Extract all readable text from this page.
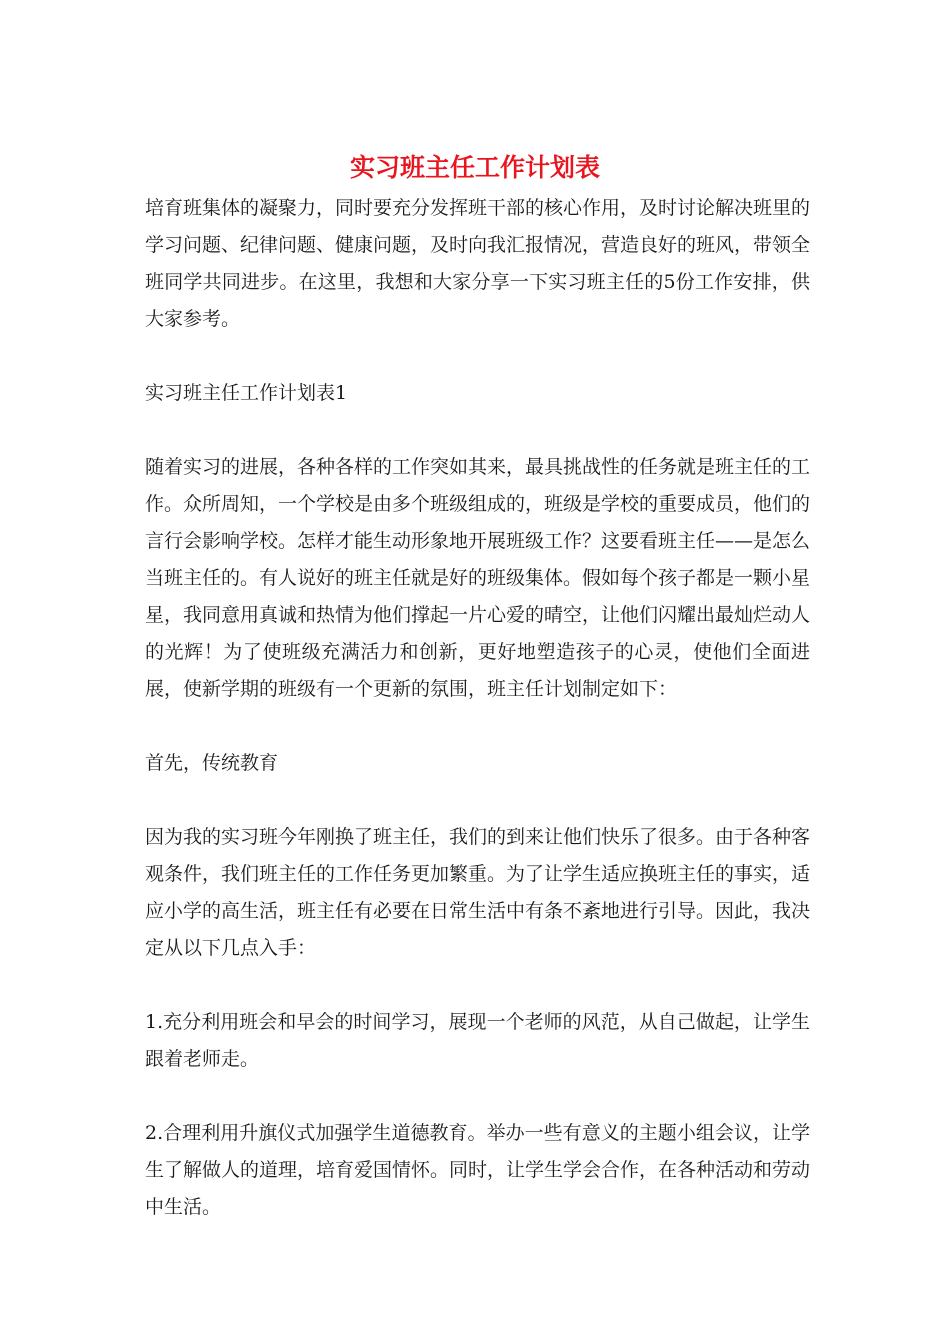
实习班主任工作计划表

培育班集体的凝聚力，同时要充分发挥班干部的核心作用，及时讨论解决班里的学习问题、纪律问题、健康问题，及时向我汇报情况，营造良好的班风，带领全班同学共同进步。在这里，我想和大家分享一下实习班主任的5份工作安排，供大家参考。

实习班主任工作计划表1

随着实习的进展，各种各样的工作突如其来，最具挑战性的任务就是班主任的工作。众所周知，一个学校是由多个班级组成的，班级是学校的重要成员，他们的言行会影响学校。怎样才能生动形象地开展班级工作？这要看班主任——是怎么当班主任的。有人说好的班主任就是好的班级集体。假如每个孩子都是一颗小星星，我同意用真诚和热情为他们撑起一片心爱的晴空，让他们闪耀出最灿烂动人的光辉！为了使班级充满活力和创新，更好地塑造孩子的心灵，使他们全面进展，使新学期的班级有一个更新的氛围，班主任计划制定如下：

首先，传统教育

因为我的实习班今年刚换了班主任，我们的到来让他们快乐了很多。由于各种客观条件，我们班主任的工作任务更加繁重。为了让学生适应换班主任的事实，适应小学的高生活，班主任有必要在日常生活中有条不紊地进行引导。因此，我决定从以下几点入手：

1.充分利用班会和早会的时间学习，展现一个老师的风范，从自己做起，让学生跟着老师走。

2.合理利用升旗仪式加强学生道德教育。举办一些有意义的主题小组会议，让学生了解做人的道理，培育爱国情怀。同时，让学生学会合作，在各种活动和劳动中生活。
